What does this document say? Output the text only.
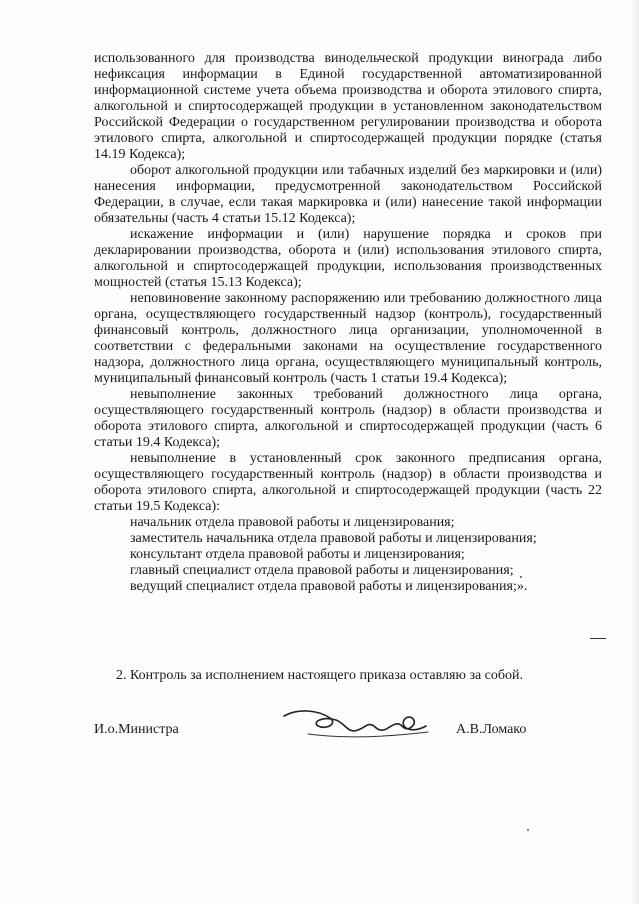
использованного для производства винодельческой продукции винограда либо нефиксация информации в Единой государственной автоматизированной информационной системе учета объема производства и оборота этилового спирта, алкогольной и спиртосодержащей продукции в установленном законодательством Российской Федерации о государственном регулировании производства и оборота этилового спирта, алкогольной и спиртосодержащей продукции порядке (статья 14.19 Кодекса);

оборот алкогольной продукции или табачных изделий без маркировки и (или) нанесения информации, предусмотренной законодательством Российской Федерации, в случае, если такая маркировка и (или) нанесение такой информации обязательны (часть 4 статьи 15.12 Кодекса);

искажение информации и (или) нарушение порядка и сроков при декларировании производства, оборота и (или) использования этилового спирта, алкогольной и спиртосодержащей продукции, использования производственных мощностей (статья 15.13 Кодекса);

неповиновение законному распоряжению или требованию должностного лица органа, осуществляющего государственный надзор (контроль), государственный финансовый контроль, должностного лица организации, уполномоченной в соответствии с федеральными законами на осуществление государственного надзора, должностного лица органа, осуществляющего муниципальный контроль, муниципальный финансовый контроль (часть 1 статьи 19.4 Кодекса);

невыполнение законных требований должностного лица органа, осуществляющего государственный контроль (надзор) в области производства и оборота этилового спирта, алкогольной и спиртосодержащей продукции (часть 6 статьи 19.4 Кодекса);

невыполнение в установленный срок законного предписания органа, осуществляющего государственный контроль (надзор) в области производства и оборота этилового спирта, алкогольной и спиртосодержащей продукции (часть 22 статьи 19.5 Кодекса):

начальник отдела правовой работы и лицензирования;
заместитель начальника отдела правовой работы и лицензирования;
консультант отдела правовой работы и лицензирования;
главный специалист отдела правовой работы и лицензирования;
ведущий специалист отдела правовой работы и лицензирования;».
2. Контроль за исполнением настоящего приказа оставляю за собой.
И.о.Министра	А.В.Ломако
